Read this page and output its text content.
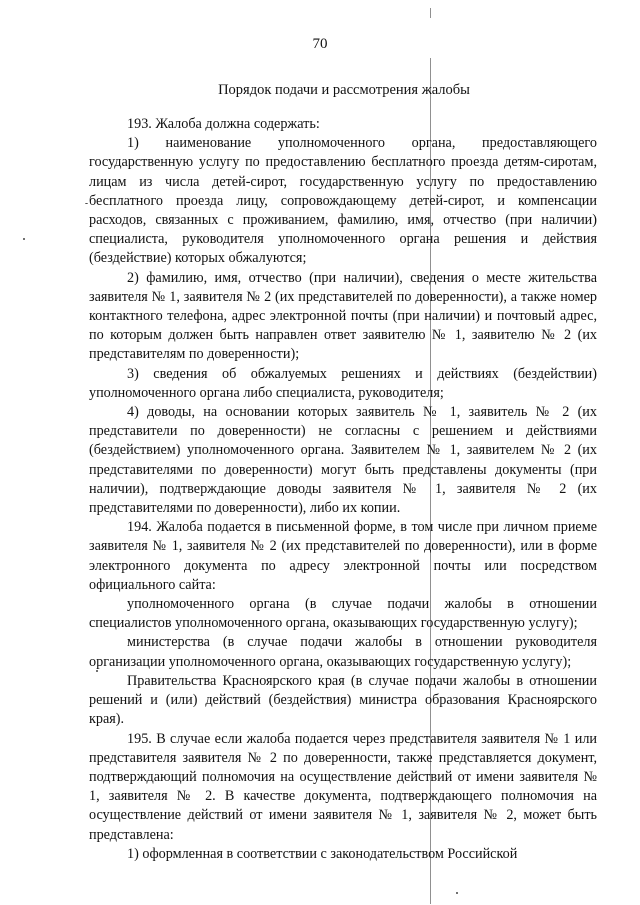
70
Порядок подачи и рассмотрения жалобы

193. Жалоба должна содержать:

1) наименование уполномоченного органа, предоставляющего государственную услугу по предоставлению бесплатного проезда детям-сиротам, лицам из числа детей-сирот, государственную услугу по предоставлению бесплатного проезда лицу, сопровождающему детей-сирот, и компенсации расходов, связанных с проживанием, фамилию, имя, отчество (при наличии) специалиста, руководителя уполномоченного органа решения и действия (бездействие) которых обжалуются;

2) фамилию, имя, отчество (при наличии), сведения о месте жительства заявителя № 1, заявителя № 2 (их представителей по доверенности), а также номер контактного телефона, адрес электронной почты (при наличии) и почтовый адрес, по которым должен быть направлен ответ заявителю № 1, заявителю № 2 (их представителям по доверенности);

3) сведения об обжалуемых решениях и действиях (бездействии) уполномоченного органа либо специалиста, руководителя;

4) доводы, на основании которых заявитель № 1, заявитель № 2 (их представители по доверенности) не согласны с решением и действиями (бездействием) уполномоченного органа. Заявителем № 1, заявителем № 2 (их представителями по доверенности) могут быть представлены документы (при наличии), подтверждающие доводы заявителя № 1, заявителя № 2 (их представителями по доверенности), либо их копии.

194. Жалоба подается в письменной форме, в том числе при личном приеме заявителя № 1, заявителя № 2 (их представителей по доверенности), или в форме электронного документа по адресу электронной почты или посредством официального сайта:

уполномоченного органа (в случае подачи жалобы в отношении специалистов уполномоченного органа, оказывающих государственную услугу);

министерства (в случае подачи жалобы в отношении руководителя организации уполномоченного органа, оказывающих государственную услугу);

Правительства Красноярского края (в случае подачи жалобы в отношении решений и (или) действий (бездействия) министра образования Красноярского края).

195. В случае если жалоба подается через представителя заявителя № 1 или представителя заявителя № 2 по доверенности, также представляется документ, подтверждающий полномочия на осуществление действий от имени заявителя № 1, заявителя № 2. В качестве документа, подтверждающего полномочия на осуществление действий от имени заявителя № 1, заявителя № 2, может быть представлена:

1) оформленная в соответствии с законодательством Российской
